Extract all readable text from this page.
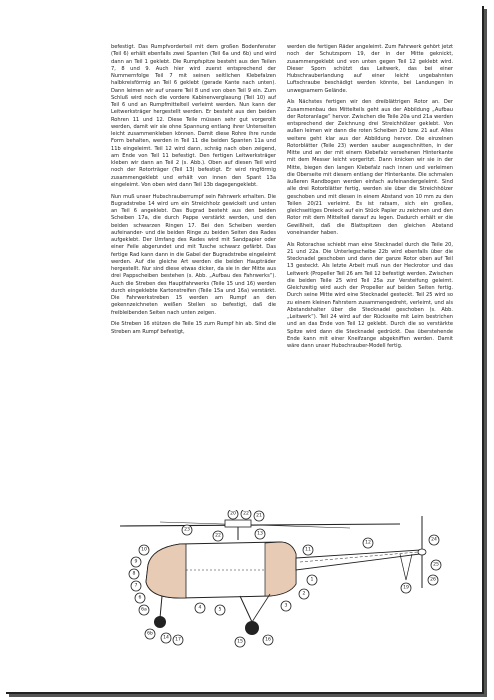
befestigt. Das Rumpfvorderteil mit dem großen Bodenfenster (Teil 6) erhält ebenfalls zwei Spanten (Teil 6a und 6b) und wird dann an Teil 1 geklebt. Die Rumpfspitze besteht aus den Teilen 7, 8 und 9. Auch hier wird zuerst entsprechend der Nummernfolge Teil 7 mit seinen seitlichen Klebefalzen halbkreisförmig an Teil 6 geklebt (gerade Kante nach unten). Dann leimen wir auf unsere Teil 8 und von oben Teil 9 ein. Zum Schluß wird noch die vordere Kabinenverglasung (Teil 10) auf Teil 6 und an Rumpfmittelteil verleimt werden. Nun kann der Leitwerksträger hergestellt werden. Er besteht aus den beiden Rohren 11 und 12. Diese Teile müssen sehr gut vorgerollt werden, damit wir sie ohne Spannung entlang ihrer Unterseiten leicht zusammenkleben können. Damit diese Rohre ihre runde Form behalten, werden in Teil 11 die beiden Spanten 11a und 11b eingeleimt. Teil 12 wird dann, schräg nach oben zeigend, am Ende von Teil 11 befestigt. Den fertigen Leitwerksträger kleben wir dann an Teil 2 (s. Abb.). Oben auf diesen Teil wird noch der Rotorträger (Teil 13) befestigt. Er wird ringförmig zusammengeklebt und erhält von innen den Spant 13a eingeleimt. Von oben wird dann Teil 13b dagegengeklebt.

Nun muß unser Hubschrauberrumpf sein Fahrwerk erhalten. Die Bugradstrebe 14 wird um ein Streichholz gewickelt und unten an Teil 6 angeklebt. Das Bugrad besteht aus den beiden Scheiben 17a, die durch Pappe verstärkt werden, und den beiden schwarzen Ringen 17. Bei den Scheiben werden aufeinander- und die beiden Ringe zu beiden Seiten des Rades aufgeklebt. Der Umfang des Rades wird mit Sandpapier oder einer Feile abgerundet und mit Tusche schwarz gefärbt. Das fertige Rad kann dann in die Gabel der Bugradstrebe eingeleimt werden. Auf die gleiche Art werden die beiden Haupträder hergestellt. Nur sind diese etwas dicker, da sie in der Mitte aus drei Pappscheiben bestehen (s. Abb. „Aufbau des Fahrwerks“). Auch die Streben des Hauptfahrwerks (Teile 15 und 16) werden durch eingeklebte Kartonstreifen (Teile 15a und 16a) verstärkt. Die Fahrwerkstreben 15 werden am Rumpf an den gekennzeichneten weißen Stellen so befestigt, daß die freibleibenden Seiten nach unten zeigen.

Die Streben 16 stützen die Teile 15 zum Rumpf hin ab. Sind die Streben am Rumpf befestigt,

werden die fertigen Räder angeleimt. Zum Fahrwerk gehört jetzt noch der Schutzsporn 19, der in der Mitte geknickt, zusammengeklebt und von unten gegen Teil 12 geklebt wird. Dieser Sporn schützt das Leitwerk, das bei einer Hubschrauberlandung auf einer leicht ungebahnten Luftschraube beschädigt werden könnte, bei Landungen in unwegsamem Gelände.

Als Nächstes fertigen wir den dreiblättrigen Rotor an. Der Zusammenbau des Mittelteils geht aus der Abbildung „Aufbau der Rotoranlage“ hervor. Zwischen die Teile 20a und 21a werden entsprechend der Zeichnung drei Streichhölzer geklebt. Von außen leimen wir dann die roten Scheiben 20 bzw. 21 auf. Alles weitere geht klar aus der Abbildung hervor. Die einzelnen Rotorblätter (Teile 23) werden sauber ausgeschnitten, in der Mitte und an der mit einem Klebefalz versehenen Hinterkante mit dem Messer leicht vorgeritzt. Dann knicken wir sie in der Mitte, biegen den langen Klebefalz nach innen und verleimen die Oberseite mit diesem entlang der Hinterkante. Die schmalen äußeren Randbogen werden einfach aufeinandergeleimt. Sind alle drei Rotorblätter fertig, werden sie über die Streichhölzer geschoben und mit diesen in einem Abstand von 10 mm zu den Teilen 20/21 verleimt. Es ist ratsam, sich ein großes, gleichseitiges Dreieck auf ein Stück Papier zu zeichnen und den Rotor mit dem Mittelteil darauf zu legen. Dadurch erhält er die Gewißheit, daß die Blattspitzen den gleichen Abstand voneinander haben.

Als Rotorachse schiebt man eine Stecknadel durch die Teile 20, 21 und 22a. Die Unterlegscheibe 22b wird ebenfalls über die Stecknadel geschoben und dann der ganze Rotor oben auf Teil 13 gesteckt. Als letzte Arbeit muß nun der Heckrotor und das Leitwerk (Propeller Teil 26 am Teil 12 befestigt werden. Zwischen die beiden Teile 25 wird Teil 25a zur Versteifung geleimt. Gleichzeitig wird auch der Propeller auf beiden Seiten fertig. Durch seine Mitte wird eine Stecknadel gesteckt. Teil 25 wird so zu einem kleinen Fahrstern zusammengedreht, verleimt, und als Abstandshalter über die Stecknadel geschoben (s. Abb. „Leitwerk“). Teil 24 wird auf der Rückseite mit Leim bestrichen und an das Ende von Teil 12 geklebt. Durch die so verstärkte Spitze wird dann die Stecknadel gedrückt. Das überstehende Ende kann mit einer Kneifzange abgekniffen werden. Damit wäre dann unser Hubschrauber-Modell fertig.

23
20 22 21
22	13
11
12
24
25
26
19
10
9
8
7
6
6a
6b
14 17	15	16
4	5
3
2
1
